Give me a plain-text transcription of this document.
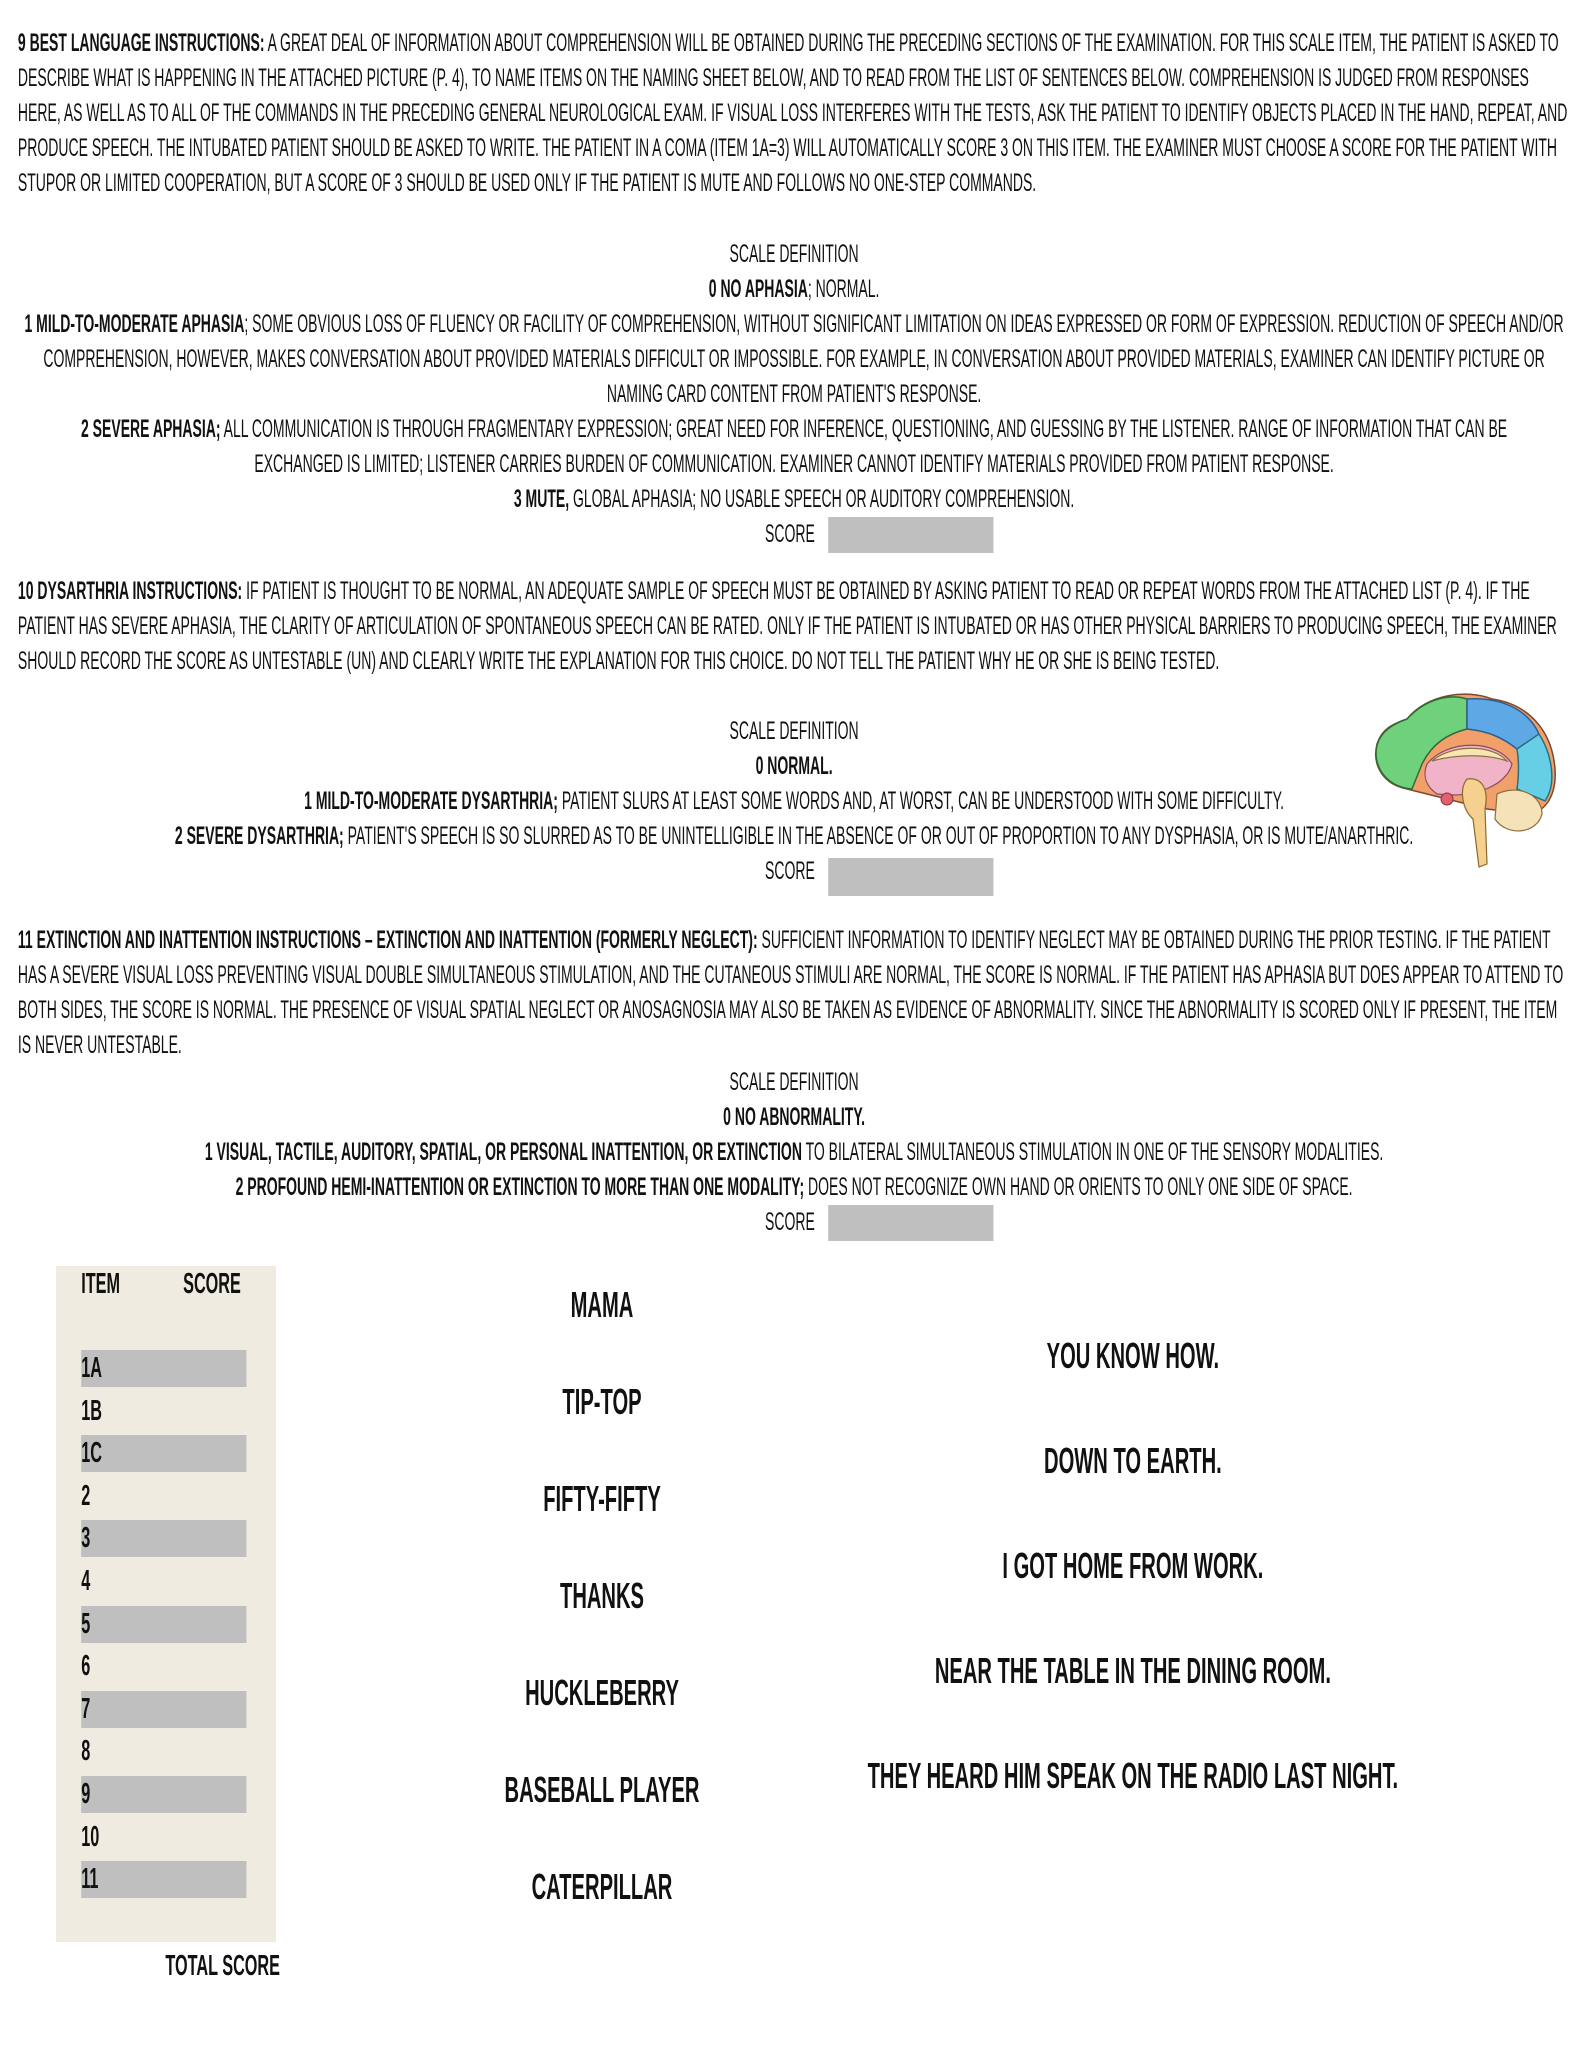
9 BEST LANGUAGE INSTRUCTIONS: A GREAT DEAL OF INFORMATION ABOUT COMPREHENSION WILL BE OBTAINED DURING THE PRECEDING SECTIONS OF THE EXAMINATION. FOR THIS SCALE ITEM, THE PATIENT IS ASKED TO DESCRIBE WHAT IS HAPPENING IN THE ATTACHED PICTURE (P. 4), TO NAME ITEMS ON THE NAMING SHEET BELOW, AND TO READ FROM THE LIST OF SENTENCES BELOW. COMPREHENSION IS JUDGED FROM RESPONSES HERE, AS WELL AS TO ALL OF THE COMMANDS IN THE PRECEDING GENERAL NEUROLOGICAL EXAM. IF VISUAL LOSS INTERFERES WITH THE TESTS, ASK THE PATIENT TO IDENTIFY OBJECTS PLACED IN THE HAND, REPEAT, AND PRODUCE SPEECH. THE INTUBATED PATIENT SHOULD BE ASKED TO WRITE. THE PATIENT IN A COMA (ITEM 1A=3) WILL AUTOMATICALLY SCORE 3 ON THIS ITEM. THE EXAMINER MUST CHOOSE A SCORE FOR THE PATIENT WITH STUPOR OR LIMITED COOPERATION, BUT A SCORE OF 3 SHOULD BE USED ONLY IF THE PATIENT IS MUTE AND FOLLOWS NO ONE-STEP COMMANDS.
SCALE DEFINITION
0 NO APHASIA; NORMAL.
1 MILD-TO-MODERATE APHASIA; SOME OBVIOUS LOSS OF FLUENCY OR FACILITY OF COMPREHENSION, WITHOUT SIGNIFICANT LIMITATION ON IDEAS EXPRESSED OR FORM OF EXPRESSION. REDUCTION OF SPEECH AND/OR COMPREHENSION, HOWEVER, MAKES CONVERSATION ABOUT PROVIDED MATERIALS DIFFICULT OR IMPOSSIBLE. FOR EXAMPLE, IN CONVERSATION ABOUT PROVIDED MATERIALS, EXAMINER CAN IDENTIFY PICTURE OR NAMING CARD CONTENT FROM PATIENT'S RESPONSE.
2 SEVERE APHASIA; ALL COMMUNICATION IS THROUGH FRAGMENTARY EXPRESSION; GREAT NEED FOR INFERENCE, QUESTIONING, AND GUESSING BY THE LISTENER. RANGE OF INFORMATION THAT CAN BE EXCHANGED IS LIMITED; LISTENER CARRIES BURDEN OF COMMUNICATION. EXAMINER CANNOT IDENTIFY MATERIALS PROVIDED FROM PATIENT RESPONSE.
3 MUTE, GLOBAL APHASIA; NO USABLE SPEECH OR AUDITORY COMPREHENSION.
SCORE
10 DYSARTHRIA INSTRUCTIONS: IF PATIENT IS THOUGHT TO BE NORMAL, AN ADEQUATE SAMPLE OF SPEECH MUST BE OBTAINED BY ASKING PATIENT TO READ OR REPEAT WORDS FROM THE ATTACHED LIST (P. 4). IF THE PATIENT HAS SEVERE APHASIA, THE CLARITY OF ARTICULATION OF SPONTANEOUS SPEECH CAN BE RATED. ONLY IF THE PATIENT IS INTUBATED OR HAS OTHER PHYSICAL BARRIERS TO PRODUCING SPEECH, THE EXAMINER SHOULD RECORD THE SCORE AS UNTESTABLE (UN) AND CLEARLY WRITE THE EXPLANATION FOR THIS CHOICE. DO NOT TELL THE PATIENT WHY HE OR SHE IS BEING TESTED.
SCALE DEFINITION
0 NORMAL.
1 MILD-TO-MODERATE DYSARTHRIA; PATIENT SLURS AT LEAST SOME WORDS AND, AT WORST, CAN BE UNDERSTOOD WITH SOME DIFFICULTY.
2 SEVERE DYSARTHRIA; PATIENT'S SPEECH IS SO SLURRED AS TO BE UNINTELLIGIBLE IN THE ABSENCE OF OR OUT OF PROPORTION TO ANY DYSPHASIA, OR IS MUTE/ANARTHRIC.
SCORE
11 EXTINCTION AND INATTENTION INSTRUCTIONS – EXTINCTION AND INATTENTION (FORMERLY NEGLECT): SUFFICIENT INFORMATION TO IDENTIFY NEGLECT MAY BE OBTAINED DURING THE PRIOR TESTING. IF THE PATIENT HAS A SEVERE VISUAL LOSS PREVENTING VISUAL DOUBLE SIMULTANEOUS STIMULATION, AND THE CUTANEOUS STIMULI ARE NORMAL, THE SCORE IS NORMAL. IF THE PATIENT HAS APHASIA BUT DOES APPEAR TO ATTEND TO BOTH SIDES, THE SCORE IS NORMAL. THE PRESENCE OF VISUAL SPATIAL NEGLECT OR ANOSAGNOSIA MAY ALSO BE TAKEN AS EVIDENCE OF ABNORMALITY. SINCE THE ABNORMALITY IS SCORED ONLY IF PRESENT, THE ITEM IS NEVER UNTESTABLE.
SCALE DEFINITION
0 NO ABNORMALITY.
1 VISUAL, TACTILE, AUDITORY, SPATIAL, OR PERSONAL INATTENTION, OR EXTINCTION TO BILATERAL SIMULTANEOUS STIMULATION IN ONE OF THE SENSORY MODALITIES.
2 PROFOUND HEMI-INATTENTION OR EXTINCTION TO MORE THAN ONE MODALITY; DOES NOT RECOGNIZE OWN HAND OR ORIENTS TO ONLY ONE SIDE OF SPACE.
SCORE
ITEM SCORE
1A
1B
1C
2
3
4
5
6
7
8
9
10
11
TOTAL SCORE
MAMA
TIP-TOP
FIFTY-FIFTY
THANKS
HUCKLEBERRY
BASEBALL PLAYER
CATERPILLAR
YOU KNOW HOW.
DOWN TO EARTH.
I GOT HOME FROM WORK.
NEAR THE TABLE IN THE DINING ROOM.
THEY HEARD HIM SPEAK ON THE RADIO LAST NIGHT.
